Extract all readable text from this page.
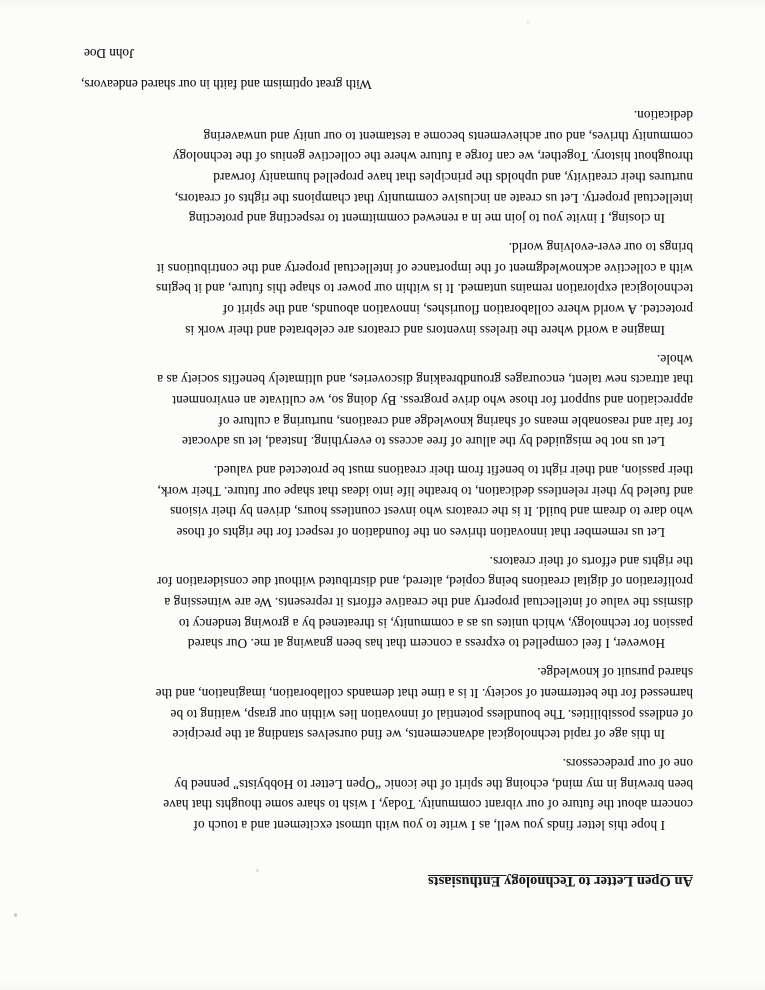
An Open Letter to Technology Enthusiasts
I hope this letter finds you well, as I write to you with utmost excitement and a touch of
concern about the future of our vibrant community. Today, I wish to share some thoughts that have
been brewing in my mind, echoing the spirit of the iconic “Open Letter to Hobbyists” penned by
one of our predecessors.
In this age of rapid technological advancements, we find ourselves standing at the precipice
of endless possibilities. The boundless potential of innovation lies within our grasp, waiting to be
harnessed for the betterment of society. It is a time that demands collaboration, imagination, and the
shared pursuit of knowledge.
However, I feel compelled to express a concern that has been gnawing at me. Our shared
passion for technology, which unites us as a community, is threatened by a growing tendency to
dismiss the value of intellectual property and the creative efforts it represents. We are witnessing a
proliferation of digital creations being copied, altered, and distributed without due consideration for
the rights and efforts of their creators.
Let us remember that innovation thrives on the foundation of respect for the rights of those
who dare to dream and build. It is the creators who invest countless hours, driven by their visions
and fueled by their relentless dedication, to breathe life into ideas that shape our future. Their work,
their passion, and their right to benefit from their creations must be protected and valued.
Let us not be misguided by the allure of free access to everything. Instead, let us advocate
for fair and reasonable means of sharing knowledge and creations, nurturing a culture of
appreciation and support for those who drive progress. By doing so, we cultivate an environment
that attracts new talent, encourages groundbreaking discoveries, and ultimately benefits society as a
whole.
Imagine a world where the tireless inventors and creators are celebrated and their work is
protected. A world where collaboration flourishes, innovation abounds, and the spirit of
technological exploration remains untamed. It is within our power to shape this future, and it begins
with a collective acknowledgment of the importance of intellectual property and the contributions it
brings to our ever-evolving world.
In closing, I invite you to join me in a renewed commitment to respecting and protecting
intellectual property. Let us create an inclusive community that champions the rights of creators,
nurtures their creativity, and upholds the principles that have propelled humanity forward
throughout history. Together, we can forge a future where the collective genius of the technology
community thrives, and our achievements become a testament to our unity and unwavering
dedication.
With great optimism and faith in our shared endeavors,
John Doe
